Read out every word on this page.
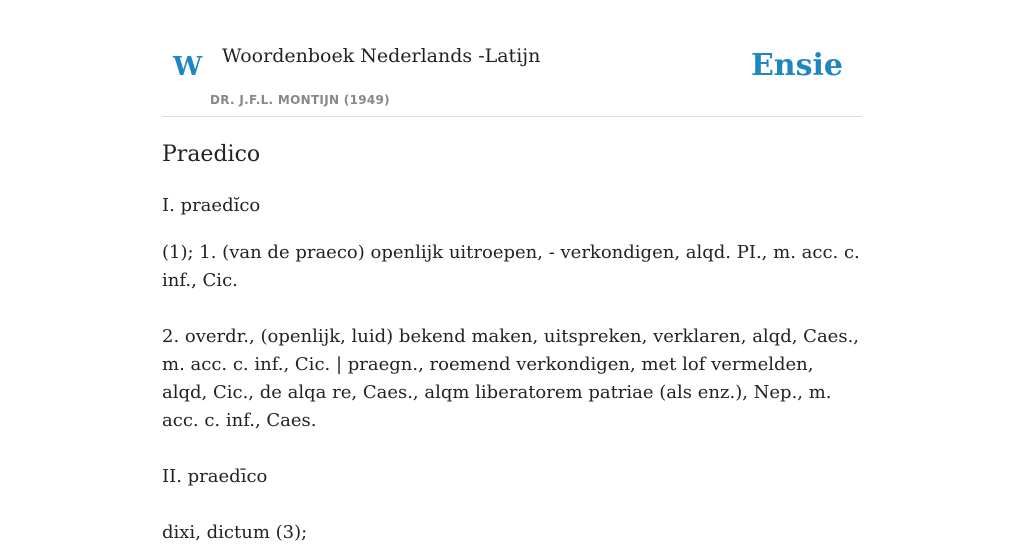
W Woordenboek Nederlands -Latijn
DR. J.F.L. MONTIJN (1949)
Ensie
Praedico

I. praedĭco

(1); 1. (van de praeco) openlijk uitroepen, - verkondigen, alqd. PI., m. acc. c. inf., Cic.

2. overdr., (openlijk, luid) bekend maken, uitspreken, verklaren, alqd, Caes., m. acc. c. inf., Cic. | praegn., roemend verkondigen, met lof vermelden, alqd, Cic., de alqa re, Caes., alqm liberatorem patriae (als enz.), Nep., m. acc. c. inf., Caes.

II. praedīco

dixi, dictum (3);
